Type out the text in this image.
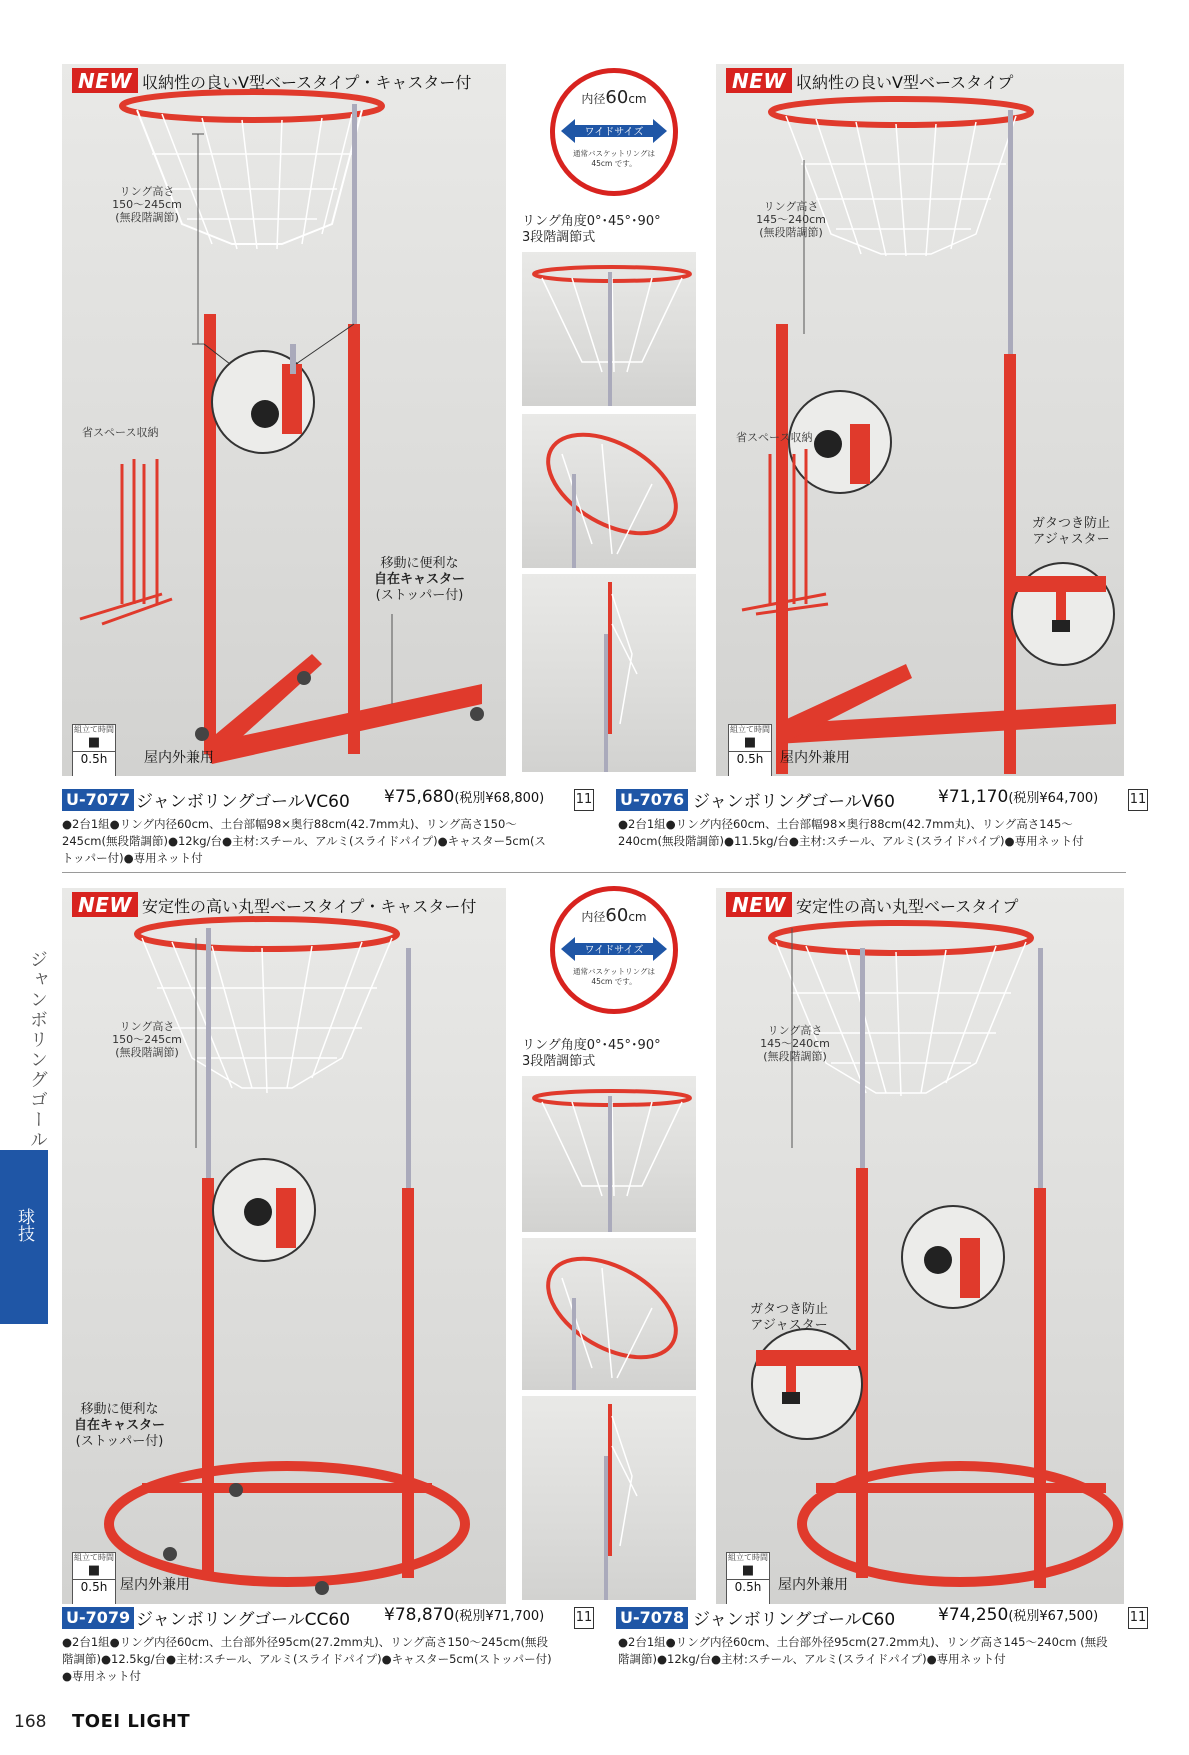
NEW 収納性の良いV型ベースタイプ・キャスター付
リング高さ
150～245cm
(無段階調節)
省スペース収納
移動に便利な
自在キャスター
(ストッパー付)
組立て時間
■
0.5h	屋内外兼用
U-7077 ジャンボリングゴールVC60 ¥75,680(税別¥68,800) 11
●2台1組●リング内径60cm、土台部幅98×奥行88cm(42.7mm丸)、リング高さ150～
245cm(無段階調節)●12kg/台●主材:スチール、アルミ(スライドパイプ)●キャスター5cm(ス
トッパー付)●専用ネット付
内径60cm
ワイドサイズ
通常バスケットリングは
45cm です。
リング角度0°･45°･90°
3段階調節式
NEW 収納性の良いV型ベースタイプ
リング高さ
145～240cm
(無段階調節)
省スペース収納
ガタつき防止
アジャスター
組立て時間
■
0.5h	屋内外兼用
U-7076 ジャンボリングゴールV60	¥71,170(税別¥64,700) 11
●2台1組●リング内径60cm、土台部幅98×奥行88cm(42.7mm丸)、リング高さ145～
240cm(無段階調節)●11.5kg/台●主材:スチール、アルミ(スライドパイプ)●専用ネット付
NEW 安定性の高い丸型ベースタイプ・キャスター付
リング高さ
150～245cm
(無段階調節)
移動に便利な
自在キャスター
(ストッパー付)
組立て時間
■
0.5h 屋内外兼用
U-7079 ジャンボリングゴールCC60 ¥78,870(税別¥71,700) 11
●2台1組●リング内径60cm、土台部外径95cm(27.2mm丸)、リング高さ150～245cm(無段
階調節)●12.5kg/台●主材:スチール、アルミ(スライドパイプ)●キャスター5cm(ストッパー付)
●専用ネット付
内径60cm
ワイドサイズ
通常バスケットリングは
45cm です。
リング角度0°･45°･90°
3段階調節式
NEW 安定性の高い丸型ベースタイプ
リング高さ
145～240cm
(無段階調節)
ガタつき防止
アジャスター
組立て時間
■
0.5h	屋内外兼用
U-7078 ジャンボリングゴールC60	¥74,250(税別¥67,500) 11
●2台1組●リング内径60cm、土台部外径95cm(27.2mm丸)、リング高さ145～240cm (無段
階調節)●12kg/台●主材:スチール、アルミ(スライドパイプ)●専用ネット付
ジャンボリングゴール
球技
168 TOEI LIGHT
